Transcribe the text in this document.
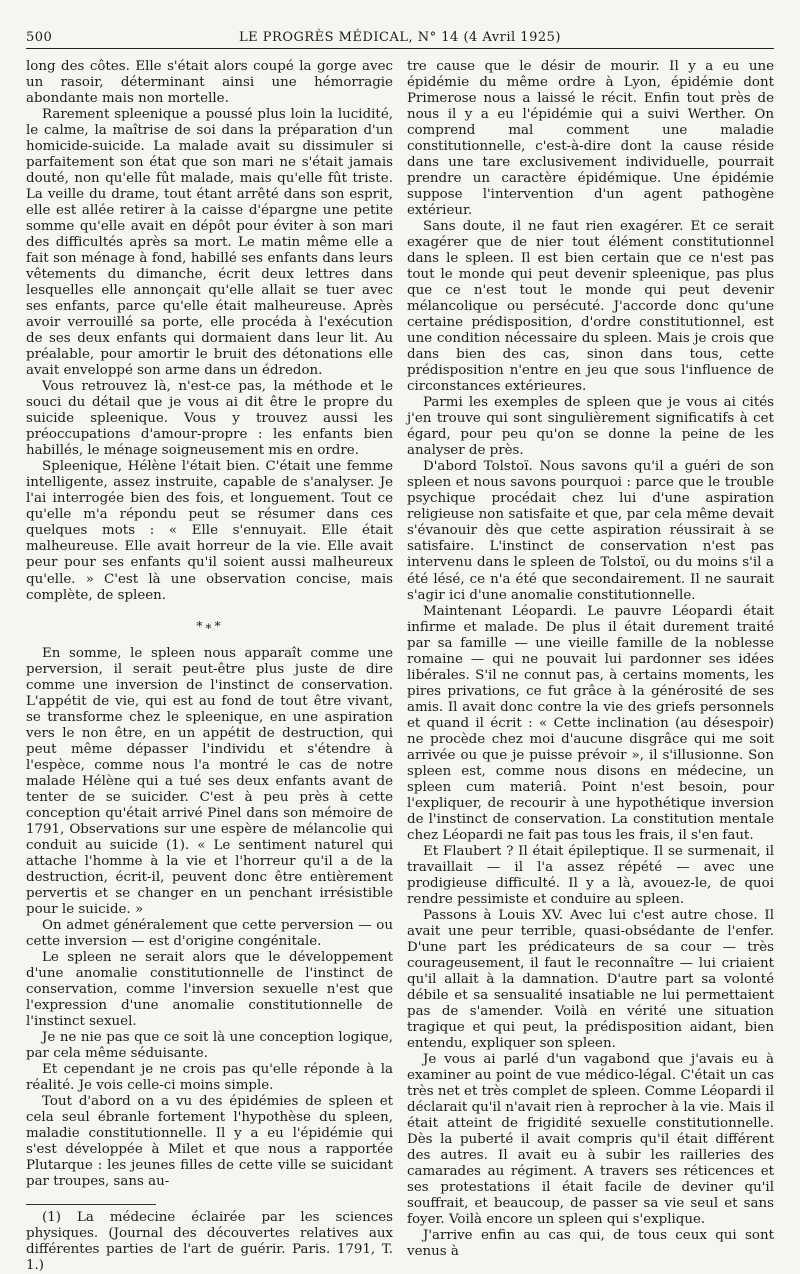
500	LE PROGRÈS MÉDICAL, N° 14 (4 Avril 1925)

long des côtes. Elle s'était alors coupé la gorge avec un rasoir, déterminant ainsi une hémorragie abondante mais non mortelle.

Rarement spleenique a poussé plus loin la lucidité, le calme, la maîtrise de soi dans la préparation d'un homicide-suicide. La malade avait su dissimuler si parfaitement son état que son mari ne s'était jamais douté, non qu'elle fût malade, mais qu'elle fût triste. La veille du drame, tout étant arrêté dans son esprit, elle est allée retirer à la caisse d'épargne une petite somme qu'elle avait en dépôt pour éviter à son mari des difficultés après sa mort. Le matin même elle a fait son ménage à fond, habillé ses enfants dans leurs vêtements du dimanche, écrit deux lettres dans lesquelles elle annonçait qu'elle allait se tuer avec ses enfants, parce qu'elle était malheureuse. Après avoir verrouillé sa porte, elle procéda à l'exécution de ses deux enfants qui dormaient dans leur lit. Au préalable, pour amortir le bruit des détonations elle avait enveloppé son arme dans un édredon.

Vous retrouvez là, n'est-ce pas, la méthode et le souci du détail que je vous ai dit être le propre du suicide spleenique. Vous y trouvez aussi les préoccupations d'amour-propre : les enfants bien habillés, le ménage soigneusement mis en ordre.

Spleenique, Hélène l'était bien. C'était une femme intelligente, assez instruite, capable de s'analyser. Je l'ai interrogée bien des fois, et longuement. Tout ce qu'elle m'a répondu peut se résumer dans ces quelques mots : « Elle s'ennuyait. Elle était malheureuse. Elle avait horreur de la vie. Elle avait peur pour ses enfants qu'il soient aussi malheureux qu'elle. » C'est là une observation concise, mais complète, de spleen.

*∗*

En somme, le spleen nous apparaît comme une perversion, il serait peut-être plus juste de dire comme une inversion de l'instinct de conservation. L'appétit de vie, qui est au fond de tout être vivant, se transforme chez le spleenique, en une aspiration vers le non être, en un appétit de destruction, qui peut même dépasser l'individu et s'étendre à l'espèce, comme nous l'a montré le cas de notre malade Hélène qui a tué ses deux enfants avant de tenter de se suicider. C'est à peu près à cette conception qu'était arrivé Pinel dans son mémoire de 1791, Observations sur une espère de mélancolie qui conduit au suicide (1). « Le sentiment naturel qui attache l'homme à la vie et l'horreur qu'il a de la destruction, écrit-il, peuvent donc être entièrement pervertis et se changer en un penchant irrésistible pour le suicide. »

On admet généralement que cette perversion — ou cette inversion — est d'origine congénitale.

Le spleen ne serait alors que le développement d'une anomalie constitutionnelle de l'instinct de conservation, comme l'inversion sexuelle n'est que l'expression d'une anomalie constitutionnelle de l'instinct sexuel.

Je ne nie pas que ce soit là une conception logique, par cela même séduisante.

Et cependant je ne crois pas qu'elle réponde à la réalité. Je vois celle-ci moins simple.

Tout d'abord on a vu des épidémies de spleen et cela seul ébranle fortement l'hypothèse du spleen, maladie constitutionnelle. Il y a eu l'épidémie qui s'est développée à Milet et que nous a rapportée Plutarque : les jeunes filles de cette ville se suicidant par troupes, sans au-

(1) La médecine éclairée par les sciences physiques. (Journal des découvertes relatives aux différentes parties de l'art de guérir. Paris. 1791, T. 1.)

tre cause que le désir de mourir. Il y a eu une épidémie du même ordre à Lyon, épidémie dont Primerose nous a laissé le récit. Enfin tout près de nous il y a eu l'épidémie qui a suivi Werther. On comprend mal comment une maladie constitutionnelle, c'est-à-dire dont la cause réside dans une tare exclusivement individuelle, pourrait prendre un caractère épidémique. Une épidémie suppose l'intervention d'un agent pathogène extérieur.

Sans doute, il ne faut rien exagérer. Et ce serait exagérer que de nier tout élément constitutionnel dans le spleen. Il est bien certain que ce n'est pas tout le monde qui peut devenir spleenique, pas plus que ce n'est tout le monde qui peut devenir mélancolique ou persécuté. J'accorde donc qu'une certaine prédisposition, d'ordre constitutionnel, est une condition nécessaire du spleen. Mais je crois que dans bien des cas, sinon dans tous, cette prédisposition n'entre en jeu que sous l'influence de circonstances extérieures.

Parmi les exemples de spleen que je vous ai cités j'en trouve qui sont singulièrement significatifs à cet égard, pour peu qu'on se donne la peine de les analyser de près.

D'abord Tolstoï. Nous savons qu'il a guéri de son spleen et nous savons pourquoi : parce que le trouble psychique procédait chez lui d'une aspiration religieuse non satisfaite et que, par cela même devait s'évanouir dès que cette aspiration réussirait à se satisfaire. L'instinct de conservation n'est pas intervenu dans le spleen de Tolstoï, ou du moins s'il a été lésé, ce n'a été que secondairement. Il ne saurait s'agir ici d'une anomalie constitutionnelle.

Maintenant Léopardi. Le pauvre Léopardi était infirme et malade. De plus il était durement traité par sa famille — une vieille famille de la noblesse romaine — qui ne pouvait lui pardonner ses idées libérales. S'il ne connut pas, à certains moments, les pires privations, ce fut grâce à la générosité de ses amis. Il avait donc contre la vie des griefs personnels et quand il écrit : « Cette inclination (au désespoir) ne procède chez moi d'aucune disgrâce qui me soit arrivée ou que je puisse prévoir », il s'illusionne. Son spleen est, comme nous disons en médecine, un spleen cum materiâ. Point n'est besoin, pour l'expliquer, de recourir à une hypothétique inversion de l'instinct de conservation. La constitution mentale chez Léopardi ne fait pas tous les frais, il s'en faut.

Et Flaubert ? Il était épileptique. Il se surmenait, il travaillait — il l'a assez répété — avec une prodigieuse difficulté. Il y a là, avouez-le, de quoi rendre pessimiste et conduire au spleen.

Passons à Louis XV. Avec lui c'est autre chose. Il avait une peur terrible, quasi-obsédante de l'enfer. D'une part les prédicateurs de sa cour — très courageusement, il faut le reconnaître — lui criaient qu'il allait à la damnation. D'autre part sa volonté débile et sa sensualité insatiable ne lui permettaient pas de s'amender. Voilà en vérité une situation tragique et qui peut, la prédisposition aidant, bien entendu, expliquer son spleen.

Je vous ai parlé d'un vagabond que j'avais eu à examiner au point de vue médico-légal. C'était un cas très net et très complet de spleen. Comme Léopardi il déclarait qu'il n'avait rien à reprocher à la vie. Mais il était atteint de frigidité sexuelle constitutionnelle. Dès la puberté il avait compris qu'il était différent des autres. Il avait eu à subir les railleries des camarades au régiment. A travers ses réticences et ses protestations il était facile de deviner qu'il souffrait, et beaucoup, de passer sa vie seul et sans foyer. Voilà encore un spleen qui s'explique.

J'arrive enfin au cas qui, de tous ceux qui sont venus à
